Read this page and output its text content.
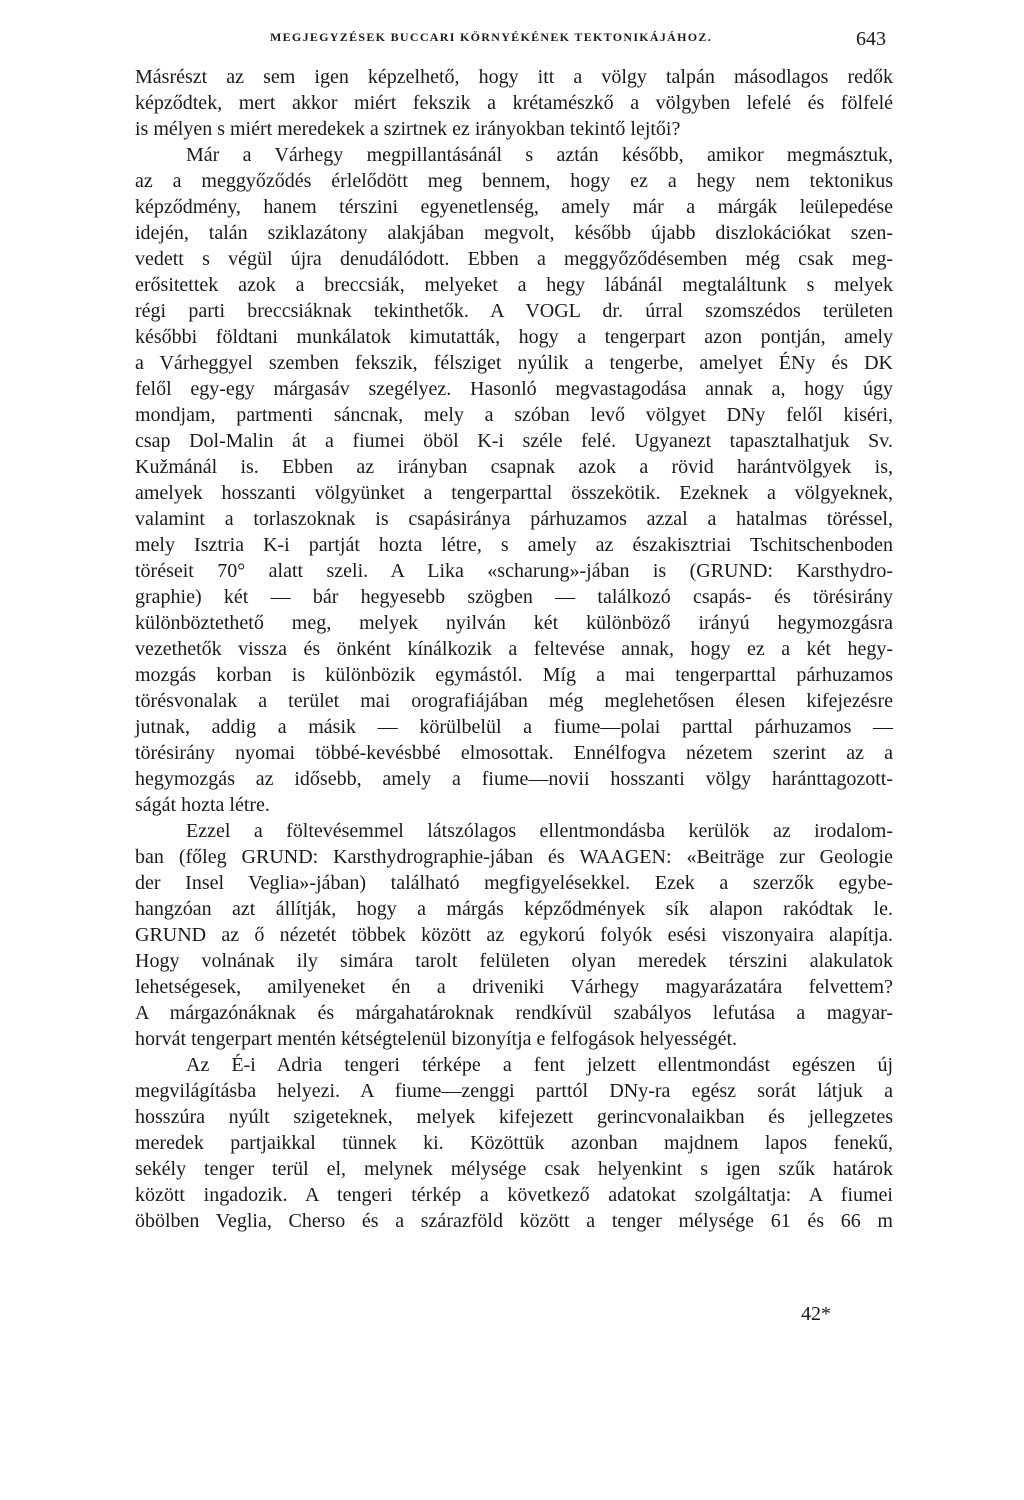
MEGJEGYZÉSEK BUCCARI KÖRNYÉKÉNEK TEKTONIKÁJÁHOZ.	643
Másrészt az sem igen képzelhető, hogy itt a völgy talpán másodlagos redők
képződtek, mert akkor miért fekszik a krétamészkő a völgyben lefelé és fölfelé
is mélyen s miért meredekek a szirtnek ez irányokban tekintő lejtői?
Már a Várhegy megpillantásánál s aztán később, amikor megmásztuk,
az a meggyőződés érlelődött meg bennem, hogy ez a hegy nem tektonikus
képződmény, hanem térszini egyenetlenség, amely már a márgák leülepedése
idején, talán sziklazátony alakjában megvolt, később újabb diszlokációkat szen-
vedett s végül újra denudálódott. Ebben a meggyőződésemben még csak meg-
erősitettek azok a breccsiák, melyeket a hegy lábánál megtaláltunk s melyek
régi parti breccsiáknak tekinthetők. A VOGL dr. úrral szomszédos területen
későbbi földtani munkálatok kimutatták, hogy a tengerpart azon pontján, amely
a Várheggyel szemben fekszik, félsziget nyúlik a tengerbe, amelyet ÉNy és DK
felől egy-egy márgasáv szegélyez. Hasonló megvastagodása annak a, hogy úgy
mondjam, partmenti sáncnak, mely a szóban levő völgyet DNy felől kiséri,
csap Dol-Malin át a fiumei öböl K-i széle felé. Ugyanezt tapasztalhatjuk Sv.
Kužmánál is. Ebben az irányban csapnak azok a rövid harántvölgyek is,
amelyek hosszanti völgyünket a tengerparttal összekötik. Ezeknek a völgyeknek,
valamint a torlaszoknak is csapásiránya párhuzamos azzal a hatalmas töréssel,
mely Isztria K-i partját hozta létre, s amely az északisztriai Tschitschenboden
töréseit 70° alatt szeli. A Lika «scharung»-jában is (GRUND: Karsthydro-
graphie) két — bár hegyesebb szögben — találkozó csapás- és törésirány
különböztethető meg, melyek nyilván két különböző irányú hegymozgásra
vezethetők vissza és önként kínálkozik a feltevése annak, hogy ez a két hegy-
mozgás korban is különbözik egymástól. Míg a mai tengerparttal párhuzamos
törésvonalak a terület mai orografiájában még meglehetősen élesen kifejezésre
jutnak, addig a másik — körülbelül a fiume—polai parttal párhuzamos —
törésirány nyomai többé-kevésbbé elmosottak. Ennélfogva nézetem szerint az a
hegymozgás az idősebb, amely a fiume—novii hosszanti völgy haránttagozott-
ságát hozta létre.
Ezzel a föltevésemmel látszólagos ellentmondásba kerülök az irodalom-
ban (főleg GRUND: Karsthydrographie-jában és WAAGEN: «Beiträge zur Geologie
der Insel Veglia»-jában) található megfigyelésekkel. Ezek a szerzők egybe-
hangzóan azt állítják, hogy a márgás képződmények sík alapon rakódtak le.
GRUND az ő nézetét többek között az egykorú folyók esési viszonyaira alapítja.
Hogy volnának ily simára tarolt felületen olyan meredek térszini alakulatok
lehetségesek, amilyeneket én a driveniki Várhegy magyarázatára felvettem?
A márgazónáknak és márgahatároknak rendkívül szabályos lefutása a magyar-
horvát tengerpart mentén kétségtelenül bizonyítja e felfogások helyességét.
Az É-i Adria tengeri térképe a fent jelzett ellentmondást egészen új
megvilágításba helyezi. A fiume—zenggi parttól DNy-ra egész sorát látjuk a
hosszúra nyúlt szigeteknek, melyek kifejezett gerincvonalaikban és jellegzetes
meredek partjaikkal tünnek ki. Közöttük azonban majdnem lapos fenekű,
sekély tenger terül el, melynek mélysége csak helyenkint s igen szűk határok
között ingadozik. A tengeri térkép a következő adatokat szolgáltatja: A fiumei
öbölben Veglia, Cherso és a szárazföld között a tenger mélysége 61 és 66 m
42*
